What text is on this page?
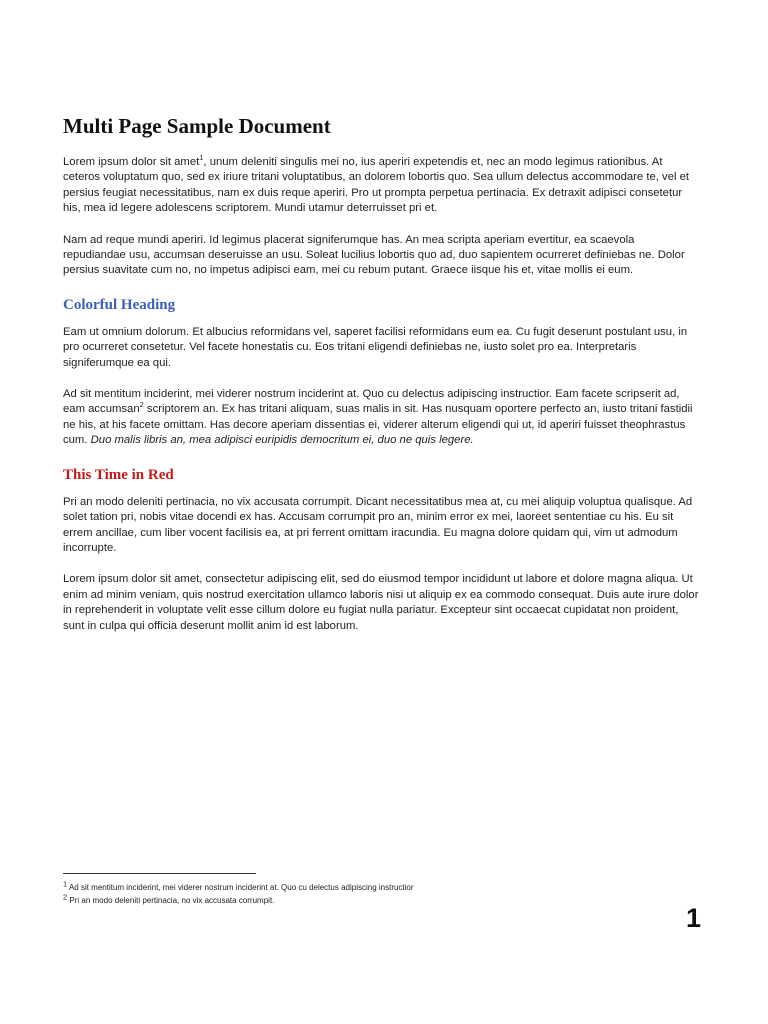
Multi Page Sample Document

Lorem ipsum dolor sit amet$^1$, unum deleniti singulis mei no, ius aperiri expetendis et, nec an modo legimus rationibus. At ceteros voluptatum quo, sed ex iriure tritani voluptatibus, an dolorem lobortis quo. Sea ullum delectus accommodare te, vel et persius feugiat necessitatibus, nam ex duis reque aperiri. Pro ut prompta perpetua pertinacia. Ex detraxit adipisci consetetur his, mea id legere adolescens scriptorem. Mundi utamur deterruisset pri et.

Nam ad reque mundi aperiri. Id legimus placerat signiferumque has. An mea scripta aperiam evertitur, ea scaevola repudiandae usu, accumsan deseruisse an usu. Soleat lucilius lobortis quo ad, duo sapientem ocurreret definiebas ne. Dolor persius suavitate cum no, no impetus adipisci eam, mei cu rebum putant. Graece iisque his et, vitae mollis ei eum.

Colorful Heading

Eam ut omnium dolorum. Et albucius reformidans vel, saperet facilisi reformidans eum ea. Cu fugit deserunt postulant usu, in pro ocurreret consetetur. Vel facete honestatis cu. Eos tritani eligendi definiebas ne, iusto solet pro ea. Interpretaris signiferumque ea qui.

Ad sit mentitum inciderint, mei viderer nostrum inciderint at. Quo cu delectus adipiscing instructior. Eam facete scripserit ad, eam accumsan$^2$ scriptorem an. Ex has tritani aliquam, suas malis in sit. Has nusquam oportere perfecto an, iusto tritani fastidii ne his, at his facete omittam. Has decore aperiam dissentias ei, viderer alterum eligendi qui ut, id aperiri fuisset theophrastus cum. Duo malis libris an, mea adipisci euripidis democritum ei, duo ne quis legere.

This Time in Red

Pri an modo deleniti pertinacia, no vix accusata corrumpit. Dicant necessitatibus mea at, cu mei aliquip voluptua qualisque. Ad solet tation pri, nobis vitae docendi ex has. Accusam corrumpit pro an, minim error ex mei, laoreet sententiae cu his. Eu sit errem ancillae, cum liber vocent facilisis ea, at pri ferrent omittam iracundia. Eu magna dolore quidam qui, vim ut admodum incorrupte.

Lorem ipsum dolor sit amet, consectetur adipiscing elit, sed do eiusmod tempor incididunt ut labore et dolore magna aliqua. Ut enim ad minim veniam, quis nostrud exercitation ullamco laboris nisi ut aliquip ex ea commodo consequat. Duis aute irure dolor in reprehenderit in voluptate velit esse cillum dolore eu fugiat nulla pariatur. Excepteur sint occaecat cupidatat non proident, sunt in culpa qui officia deserunt mollit anim id est laborum.

1 Ad sit mentitum inciderint, mei viderer nostrum inciderint at. Quo cu delectus adipiscing instructior
2 Pri an modo deleniti pertinacia, no vix accusata corrumpit.
1
